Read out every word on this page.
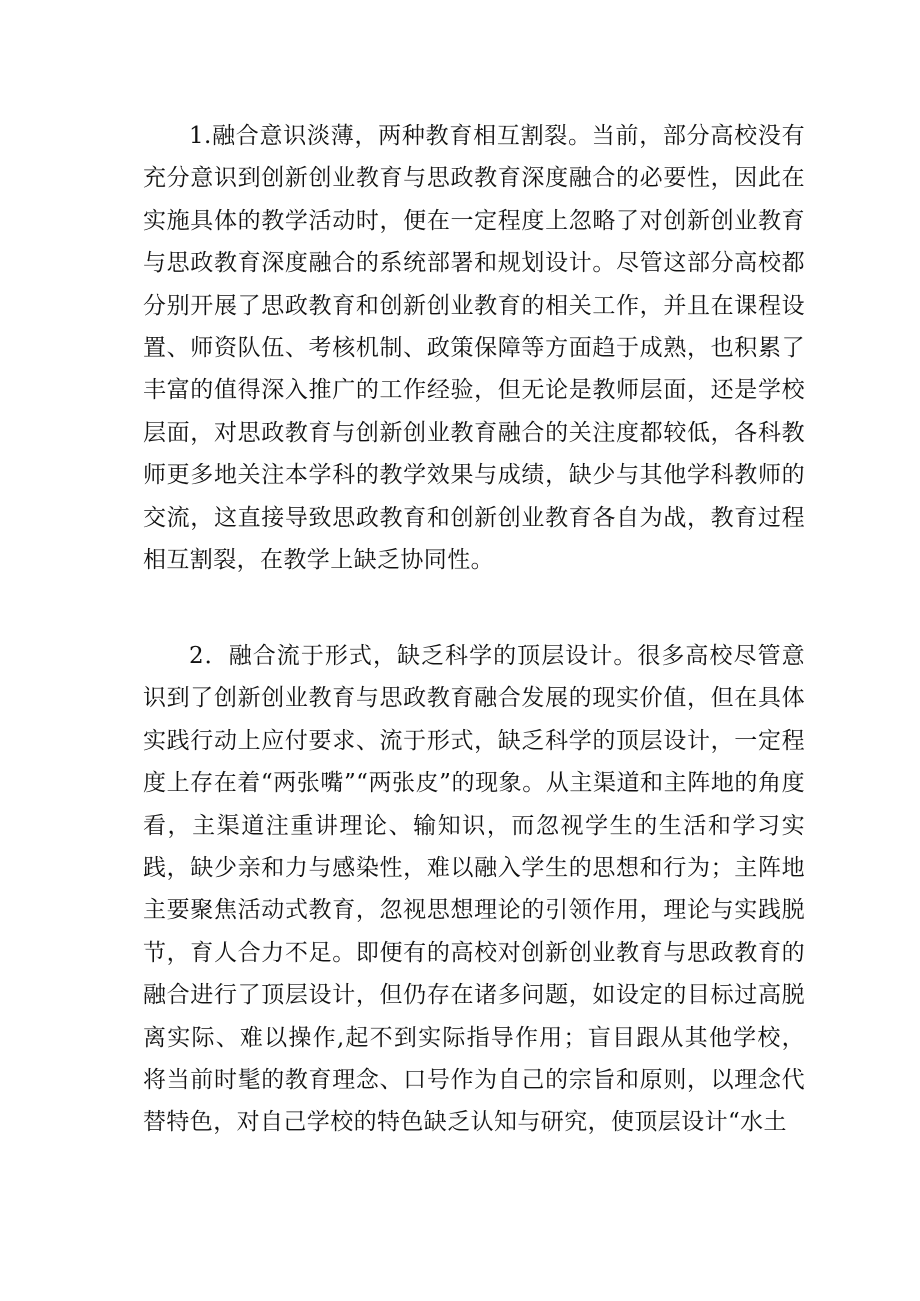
1.融合意识淡薄，两种教育相互割裂。当前，部分高校没有充分意识到创新创业教育与思政教育深度融合的必要性，因此在实施具体的教学活动时，便在一定程度上忽略了对创新创业教育与思政教育深度融合的系统部署和规划设计。尽管这部分高校都分别开展了思政教育和创新创业教育的相关工作，并且在课程设置、师资队伍、考核机制、政策保障等方面趋于成熟，也积累了丰富的值得深入推广的工作经验，但无论是教师层面，还是学校层面，对思政教育与创新创业教育融合的关注度都较低，各科教师更多地关注本学科的教学效果与成绩，缺少与其他学科教师的交流，这直接导致思政教育和创新创业教育各自为战，教育过程相互割裂，在教学上缺乏协同性。

2．融合流于形式，缺乏科学的顶层设计。很多高校尽管意识到了创新创业教育与思政教育融合发展的现实价值，但在具体实践行动上应付要求、流于形式，缺乏科学的顶层设计，一定程度上存在着“两张嘴”“两张皮”的现象。从主渠道和主阵地的角度看，主渠道注重讲理论、输知识，而忽视学生的生活和学习实践，缺少亲和力与感染性，难以融入学生的思想和行为；主阵地主要聚焦活动式教育，忽视思想理论的引领作用，理论与实践脱节，育人合力不足。即便有的高校对创新创业教育与思政教育的融合进行了顶层设计，但仍存在诸多问题，如设定的目标过高脱离实际、难以操作,起不到实际指导作用；盲目跟从其他学校，将当前时髦的教育理念、口号作为自己的宗旨和原则，以理念代替特色，对自己学校的特色缺乏认知与研究，使顶层设计“水土
